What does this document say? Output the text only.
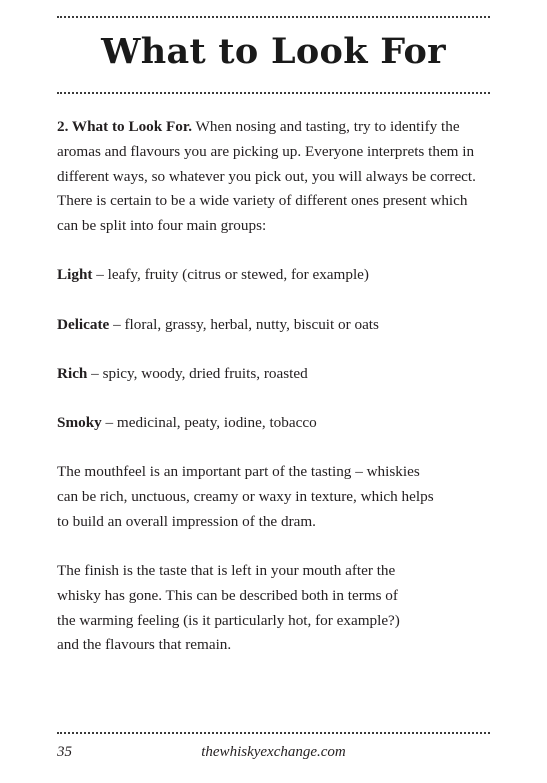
What to Look For

2. What to Look For. When nosing and tasting, try to identify the
aromas and flavours you are picking up. Everyone interprets them in
different ways, so whatever you pick out, you will always be correct.
There is certain to be a wide variety of different ones present which
can be split into four main groups:

Light – leafy, fruity (citrus or stewed, for example)

Delicate – floral, grassy, herbal, nutty, biscuit or oats

Rich – spicy, woody, dried fruits, roasted

Smoky – medicinal, peaty, iodine, tobacco

The mouthfeel is an important part of the tasting – whiskies
can be rich, unctuous, creamy or waxy in texture, which helps
to build an overall impression of the dram.

The finish is the taste that is left in your mouth after the
whisky has gone. This can be described both in terms of
the warming feeling (is it particularly hot, for example?)
and the flavours that remain.

35	thewhiskyexchange.com
